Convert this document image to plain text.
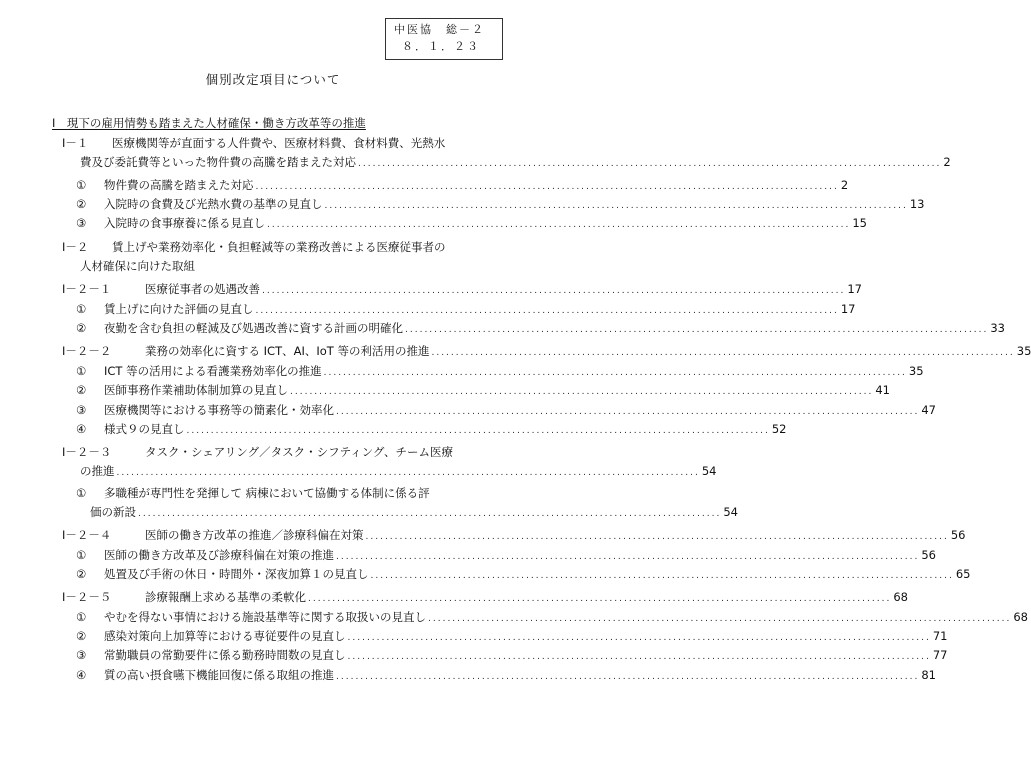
中医協　総－２
８．１．２３
個別改定項目について
Ⅰ　現下の雇用情勢も踏まえた人材確保・働き方改革等の推進
Ⅰ－１ 医療機関等が直面する人件費や、医療材料費、食材料費、光熱水
費及び委託費等といった物件費の高騰を踏まえた対応 ........................................................................................................................ 2
① 物件費の高騰を踏まえた対応 ........................................................................................................................ 2
② 入院時の食費及び光熱水費の基準の見直し ........................................................................................................................ 13
③ 入院時の食事療養に係る見直し ........................................................................................................................ 15
Ⅰ－２ 賃上げや業務効率化・負担軽減等の業務改善による医療従事者の
人材確保に向けた取組
Ⅰ－２－１	医療従事者の処遇改善 ........................................................................................................................ 17
① 賃上げに向けた評価の見直し ........................................................................................................................ 17
② 夜勤を含む負担の軽減及び処遇改善に資する計画の明確化 ........................................................................................................................ 33
Ⅰ－２－２	業務の効率化に資する ICT、AI、IoT 等の利活用の推進 ........................................................................................................................ 35
① ICT 等の活用による看護業務効率化の推進 ........................................................................................................................ 35
② 医師事務作業補助体制加算の見直し ........................................................................................................................ 41
③ 医療機関等における事務等の簡素化・効率化 ........................................................................................................................ 47
④ 様式９の見直し ........................................................................................................................ 52
Ⅰ－２－３	タスク・シェアリング／タスク・シフティング、チーム医療
の推進 ........................................................................................................................ 54
① 多職種が専門性を発揮して 病棟において協働する体制に係る評
価の新設 ........................................................................................................................ 54
Ⅰ－２－４	医師の働き方改革の推進／診療科偏在対策 ........................................................................................................................ 56
① 医師の働き方改革及び診療科偏在対策の推進 ........................................................................................................................ 56
② 処置及び手術の休日・時間外・深夜加算１の見直し ........................................................................................................................ 65
Ⅰ－２－５	診療報酬上求める基準の柔軟化 ........................................................................................................................ 68
① やむを得ない事情における施設基準等に関する取扱いの見直し ........................................................................................................................ 68
② 感染対策向上加算等における専従要件の見直し ........................................................................................................................ 71
③ 常勤職員の常勤要件に係る勤務時間数の見直し ........................................................................................................................ 77
④ 質の高い摂食嚥下機能回復に係る取組の推進 ........................................................................................................................ 81
